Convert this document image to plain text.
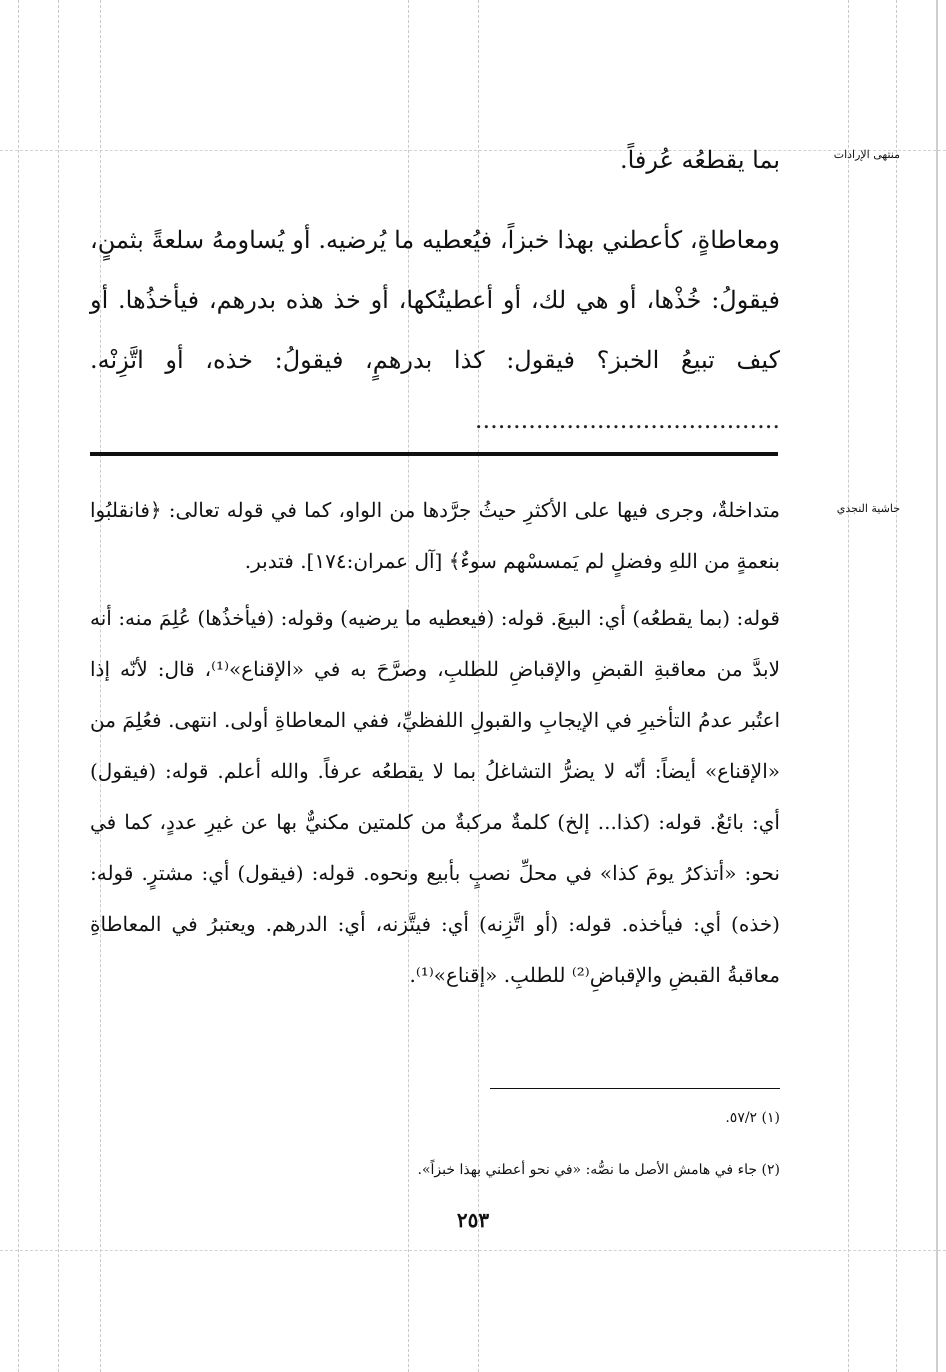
منتهى الإرادات
حاشية النجدي

بما يقطعُه عُرفاً.

ومعاطاةٍ، كأعطني بهذا خبزاً، فيُعطيه ما يُرضيه. أو يُساومهُ سلعةً بثمنٍ، فيقولُ: خُذْها، أو هي لك، أو أعطيتُكها، أو خذ هذه بدرهم، فيأخذُها. أو كيف تبيعُ الخبز؟ فيقول: كذا بدرهمٍ، فيقولُ: خذه، أو اتَّزِنْه. ........................................

متداخلةٌ، وجرى فيها على الأكثرِ حيثُ جرَّدها من الواو، كما في قوله تعالى: ﴿فانقلبُوا بنعمةٍ من اللهِ وفضلٍ لم يَمسسْهم سوءٌ﴾ [آل عمران:١٧٤]. فتدبر.

قوله: (بما يقطعُه) أي: البيعَ. قوله: (فيعطيه ما يرضيه) وقوله: (فيأخذُها) عُلِمَ منه: أنه لابدَّ من معاقبةِ القبضِ والإقباضِ للطلبِ، وصرَّحَ به في «الإقناع»⁽¹⁾، قال: لأنّه إذا اعتُبر عدمُ التأخيرِ في الإيجابِ والقبولِ اللفظيِّ، ففي المعاطاةِ أولى. انتهى. فعُلِمَ من «الإقناع» أيضاً: أنّه لا يضرُّ التشاغلُ بما لا يقطعُه عرفاً. والله أعلم. قوله: (فيقول) أي: بائعٌ. قوله: (كذا... إلخ) كلمةٌ مركبةٌ من كلمتين مكنيٌّ بها عن غيرِ عددٍ، كما في نحو: «أتذكرُ يومَ كذا» في محلِّ نصبٍ بأبيع ونحوه. قوله: (فيقول) أي: مشترٍ. قوله: (خذه) أي: فيأخذه. قوله: (أو اتَّزِنه) أي: فيتَّزنه، أي: الدرهم. ويعتبرُ في المعاطاةِ معاقبةُ القبضِ والإقباضِ⁽²⁾ للطلبِ. «إقناع»⁽¹⁾.

(١) ٥٧/٢.
(٢) جاء في هامش الأصل ما نصُّه: «في نحو أعطني بهذا خبزاً».
٢٥٣
